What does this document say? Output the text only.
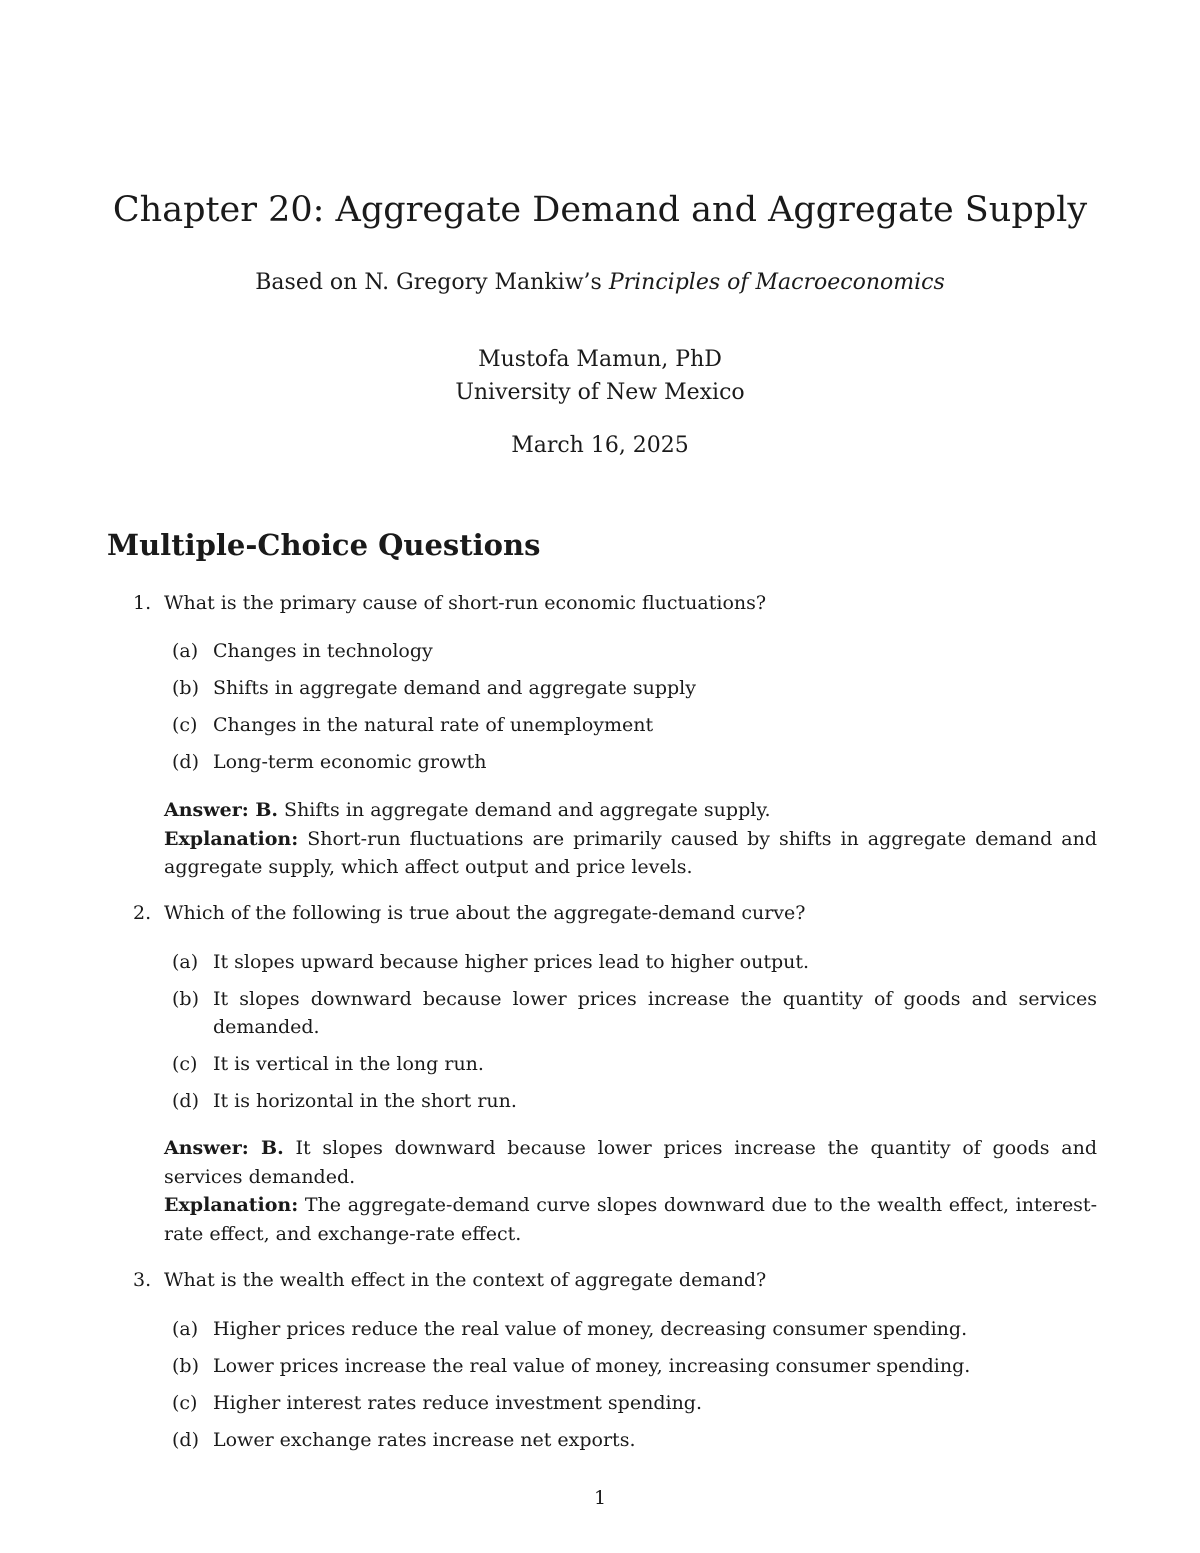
Chapter 20: Aggregate Demand and Aggregate Supply
Based on N. Gregory Mankiw’s Principles of Macroeconomics
Mustofa Mamun, PhD
University of New Mexico
March 16, 2025
Multiple-Choice Questions
1. What is the primary cause of short-run economic fluctuations?
(a) Changes in technology
(b) Shifts in aggregate demand and aggregate supply
(c) Changes in the natural rate of unemployment
(d) Long-term economic growth
Answer: B. Shifts in aggregate demand and aggregate supply.
Explanation: Short-run fluctuations are primarily caused by shifts in aggregate demand and aggregate supply, which affect output and price levels.
2. Which of the following is true about the aggregate-demand curve?
(a) It slopes upward because higher prices lead to higher output.
(b) It slopes downward because lower prices increase the quantity of goods and services demanded.
(c) It is vertical in the long run.
(d) It is horizontal in the short run.
Answer: B. It slopes downward because lower prices increase the quantity of goods and services demanded.
Explanation: The aggregate-demand curve slopes downward due to the wealth effect, interest-rate effect, and exchange-rate effect.
3. What is the wealth effect in the context of aggregate demand?
(a) Higher prices reduce the real value of money, decreasing consumer spending.
(b) Lower prices increase the real value of money, increasing consumer spending.
(c) Higher interest rates reduce investment spending.
(d) Lower exchange rates increase net exports.
1
